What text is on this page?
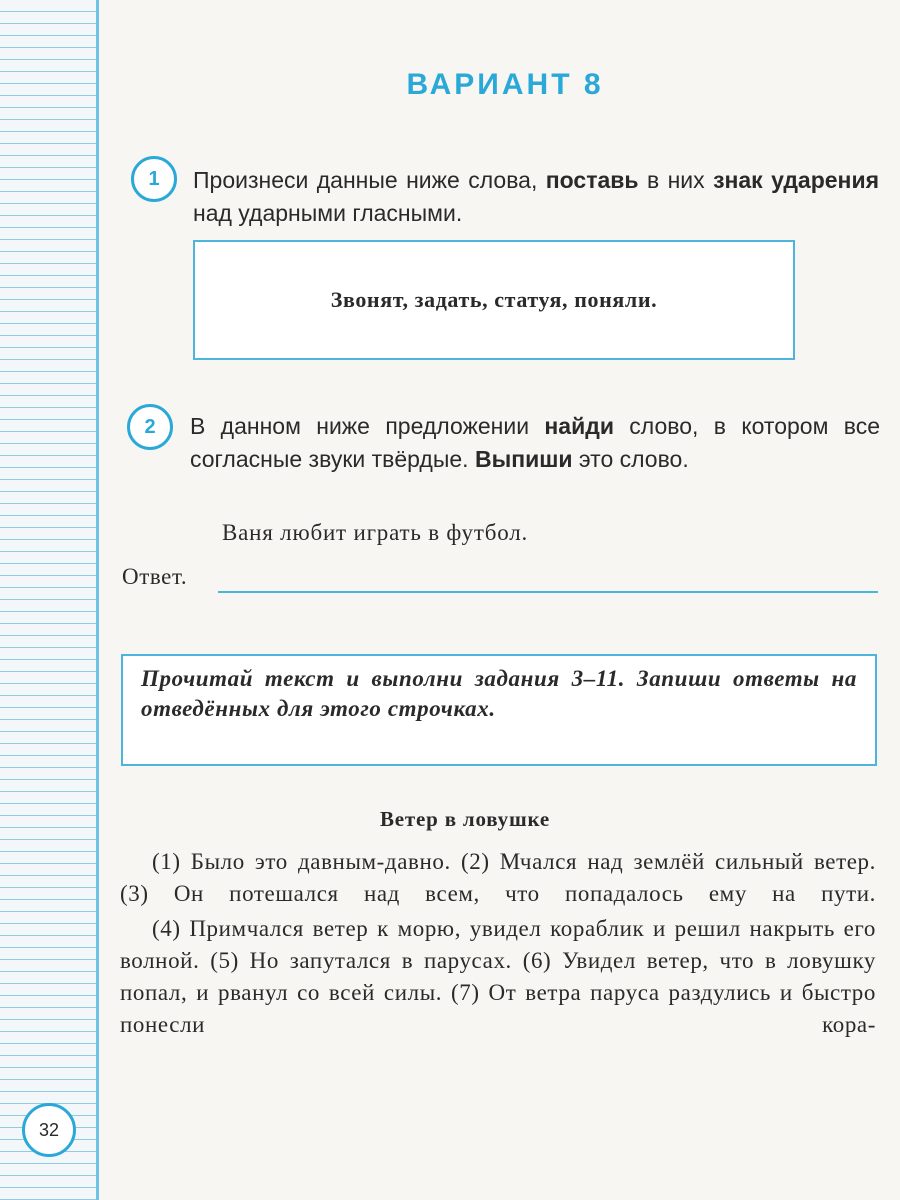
ВАРИАНТ 8
1	Произнеси данные ниже слова, поставь в них знак ударения над ударными гласными.
Звонят, задать, статуя, поняли.
2	В данном ниже предложении найди слово, в котором все согласные звуки твёрдые. Выпиши это слово.
Ваня любит играть в футбол.
Ответ.
Прочитай текст и выполни задания 3–11. Запиши ответы на отведённых для этого строчках.
Ветер в ловушке

(1) Было это давным-давно. (2) Мчался над землёй сильный ветер. (3) Он потешался над всем, что попадалось ему на пути.

(4) Примчался ветер к морю, увидел кораблик и решил накрыть его волной. (5) Но запутался в парусах. (6) Увидел ветер, что в ловушку попал, и рванул со всей силы. (7) От ветра паруса раздулись и быстро понесли кора-

32
